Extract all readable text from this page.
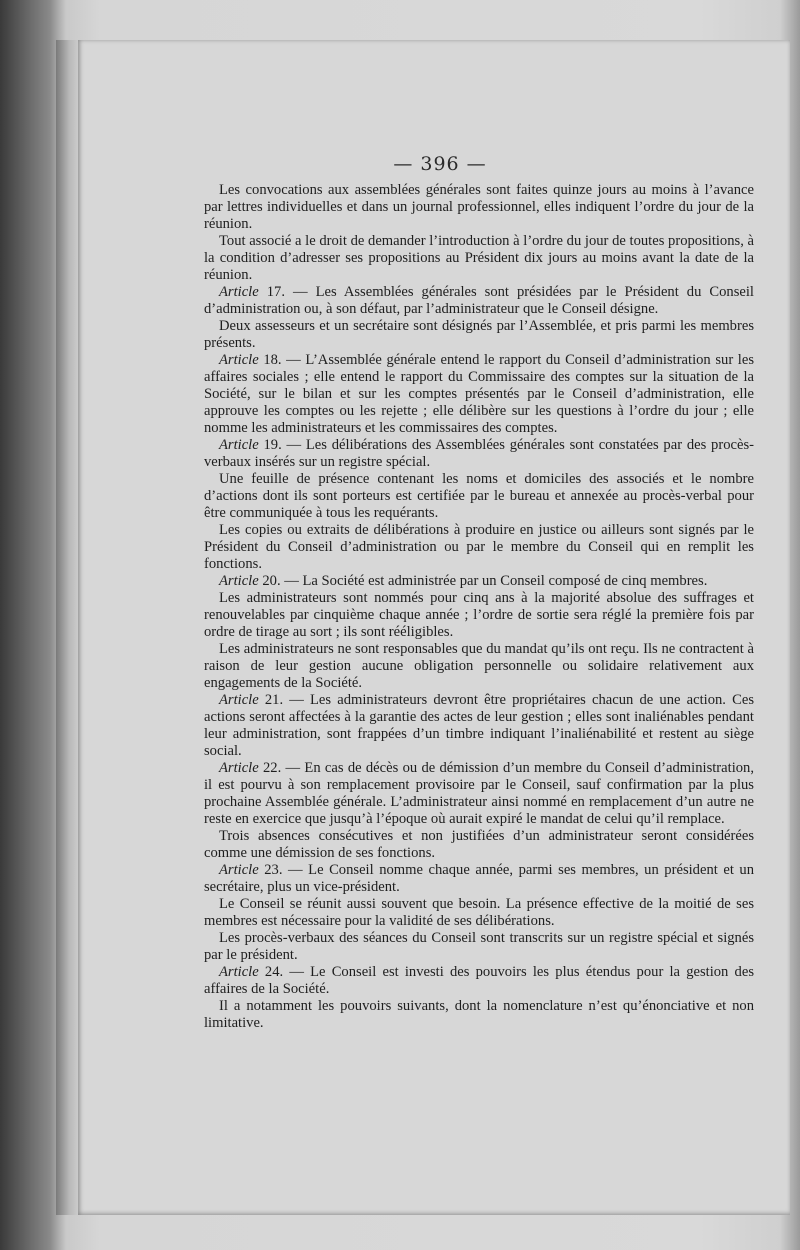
— 396 —

Les convocations aux assemblées générales sont faites quinze jours au moins à l’avance par lettres individuelles et dans un journal professionnel, elles indiquent l’ordre du jour de la réunion.

Tout associé a le droit de demander l’introduction à l’ordre du jour de toutes propositions, à la condition d’adresser ses propositions au Président dix jours au moins avant la date de la réunion.

Article 17. — Les Assemblées générales sont présidées par le Président du Conseil d’administration ou, à son défaut, par l’administrateur que le Conseil désigne.

Deux assesseurs et un secrétaire sont désignés par l’Assemblée, et pris parmi les membres présents.

Article 18. — L’Assemblée générale entend le rapport du Conseil d’administration sur les affaires sociales ; elle entend le rapport du Commissaire des comptes sur la situation de la Société, sur le bilan et sur les comptes présentés par le Conseil d’administration, elle approuve les comptes ou les rejette ; elle délibère sur les questions à l’ordre du jour ; elle nomme les administrateurs et les commissaires des comptes.

Article 19. — Les délibérations des Assemblées générales sont constatées par des procès-verbaux insérés sur un registre spécial.

Une feuille de présence contenant les noms et domiciles des associés et le nombre d’actions dont ils sont porteurs est certifiée par le bureau et annexée au procès-verbal pour être communiquée à tous les requérants.

Les copies ou extraits de délibérations à produire en justice ou ailleurs sont signés par le Président du Conseil d’administration ou par le membre du Conseil qui en remplit les fonctions.

Article 20. — La Société est administrée par un Conseil composé de cinq membres.

Les administrateurs sont nommés pour cinq ans à la majorité absolue des suffrages et renouvelables par cinquième chaque année ; l’ordre de sortie sera réglé la première fois par ordre de tirage au sort ; ils sont rééligibles.

Les administrateurs ne sont responsables que du mandat qu’ils ont reçu. Ils ne contractent à raison de leur gestion aucune obligation personnelle ou solidaire relativement aux engagements de la Société.

Article 21. — Les administrateurs devront être propriétaires chacun de une action. Ces actions seront affectées à la garantie des actes de leur gestion ; elles sont inaliénables pendant leur administration, sont frappées d’un timbre indiquant l’inaliénabilité et restent au siège social.

Article 22. — En cas de décès ou de démission d’un membre du Conseil d’administration, il est pourvu à son remplacement provisoire par le Conseil, sauf confirmation par la plus prochaine Assemblée générale. L’administrateur ainsi nommé en remplacement d’un autre ne reste en exercice que jusqu’à l’époque où aurait expiré le mandat de celui qu’il remplace.

Trois absences consécutives et non justifiées d’un administrateur seront considérées comme une démission de ses fonctions.

Article 23. — Le Conseil nomme chaque année, parmi ses membres, un président et un secrétaire, plus un vice-président.

Le Conseil se réunit aussi souvent que besoin. La présence effective de la moitié de ses membres est nécessaire pour la validité de ses délibérations.

Les procès-verbaux des séances du Conseil sont transcrits sur un registre spécial et signés par le président.

Article 24. — Le Conseil est investi des pouvoirs les plus étendus pour la gestion des affaires de la Société.

Il a notamment les pouvoirs suivants, dont la nomenclature n’est qu’énonciative et non limitative.
